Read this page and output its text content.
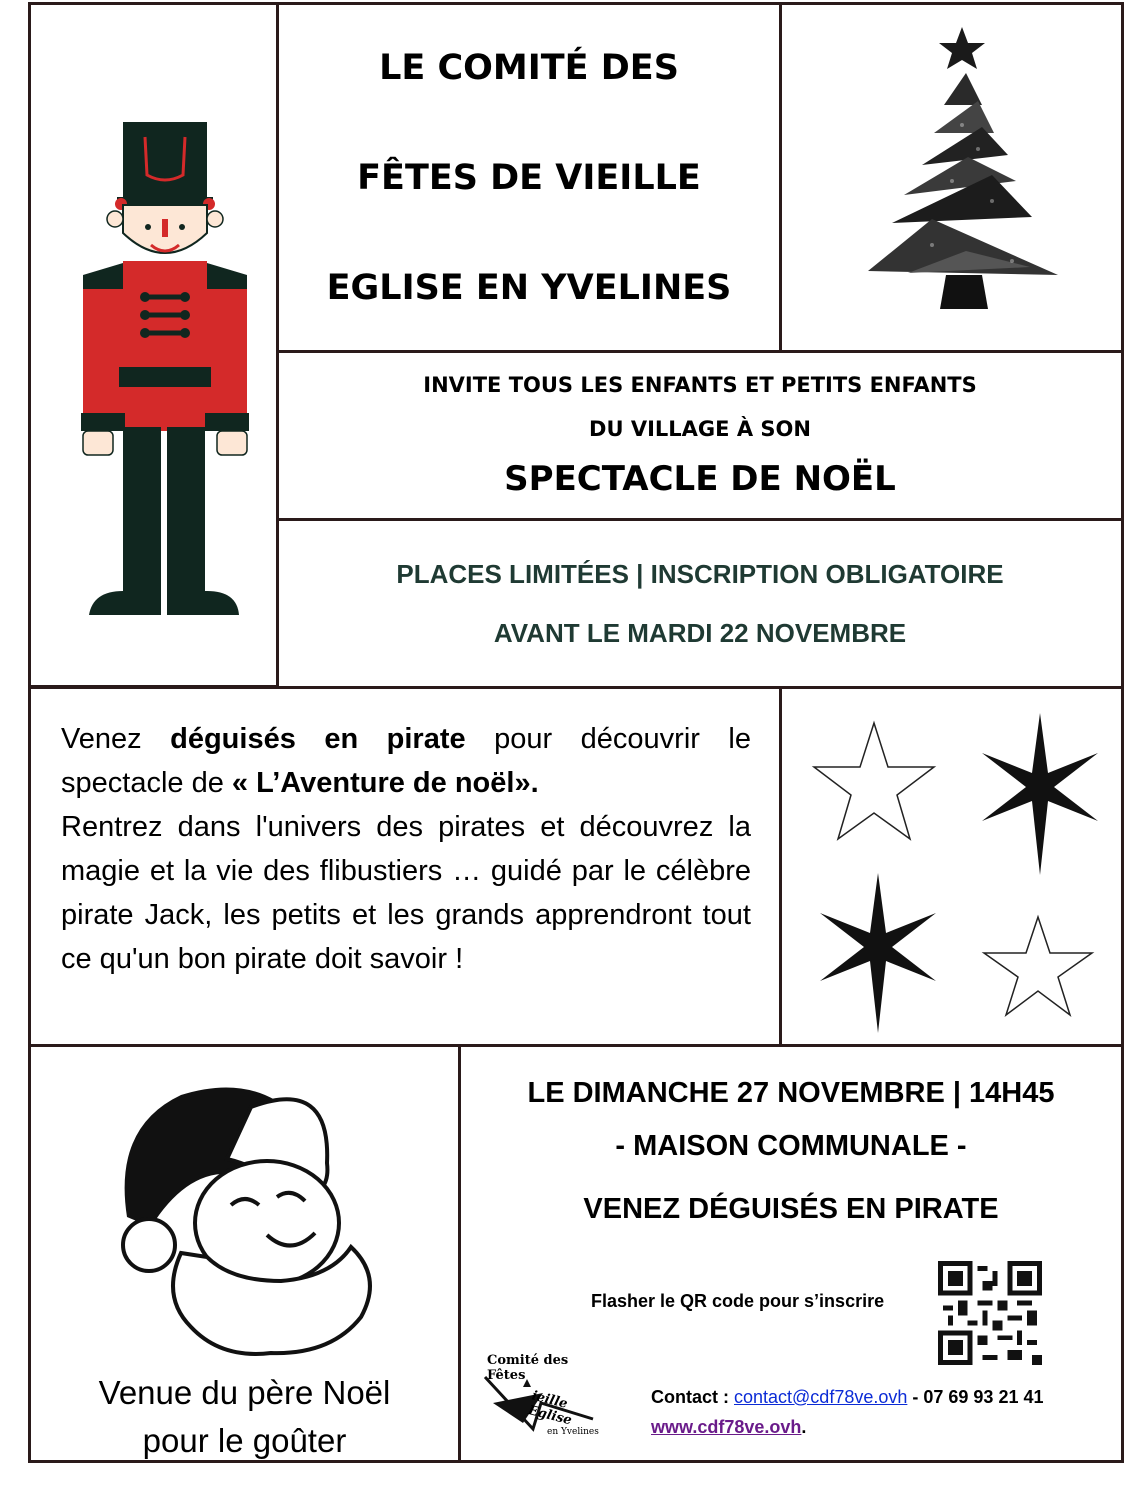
LE COMITÉ DES
FÊTES DE VIEILLE
EGLISE EN YVELINES
INVITE TOUS LES ENFANTS ET PETITS ENFANTS
DU VILLAGE À SON
SPECTACLE DE NOËL
PLACES LIMITÉES | INSCRIPTION OBLIGATOIRE
AVANT LE MARDI 22 NOVEMBRE

Venez déguisés en pirate pour découvrir le spectacle de « L’Aventure de noël».

Rentrez dans l'univers des pirates et découvrez la magie et la vie des flibustiers … guidé par le célèbre pirate Jack, les petits et les grands apprendront tout ce qu'un bon pirate doit savoir !

Venue du père Noël
pour le goûter
LE DIMANCHE 27 NOVEMBRE | 14H45
- MAISON COMMUNALE -
VENEZ DÉGUISÉS EN PIRATE
Flasher le QR code pour s’inscrire
Comité des Fêtes
ieille Eglise
en Yvelines
Contact : contact@cdf78ve.ovh - 07 69 93 21 41
www.cdf78ve.ovh.
